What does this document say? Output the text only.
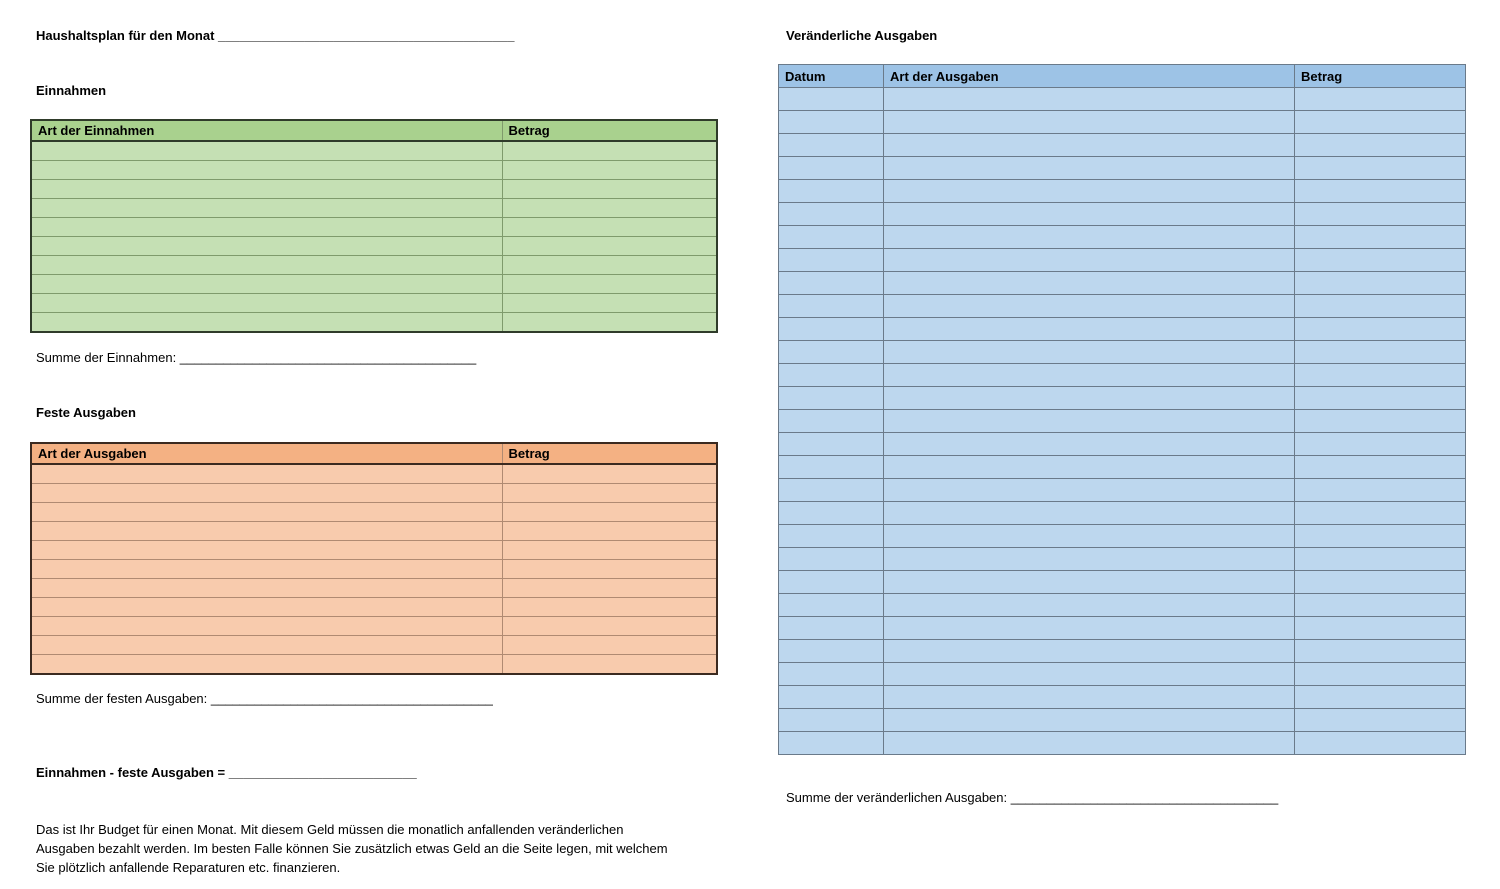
Haushaltsplan für den Monat _________________________________________
Einnahmen
Art der Einnahmen	Betrag

Summe der Einnahmen: _________________________________________
Feste Ausgaben
Art der Ausgaben	Betrag

Summe der festen Ausgaben: _______________________________________
Einnahmen - feste Ausgaben = __________________________
Das ist Ihr Budget für einen Monat. Mit diesem Geld müssen die monatlich anfallenden veränderlichen
Ausgaben bezahlt werden. Im besten Falle können Sie zusätzlich etwas Geld an die Seite legen, mit welchem
Sie plötzlich anfallende Reparaturen etc. finanzieren.
Veränderliche Ausgaben
Datum	Art der Ausgaben	Betrag

Summe der veränderlichen Ausgaben: _____________________________________
